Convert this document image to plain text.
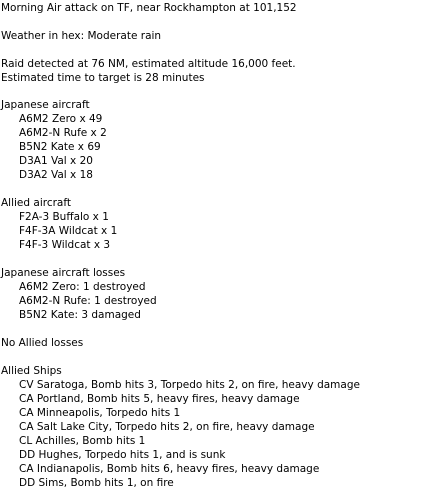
Morning Air attack on TF, near Rockhampton at 101,152
Weather in hex: Moderate rain
Raid detected at 76 NM, estimated altitude 16,000 feet.
Estimated time to target is 28 minutes
Japanese aircraft
A6M2 Zero x 49
A6M2-N Rufe x 2
B5N2 Kate x 69
D3A1 Val x 20
D3A2 Val x 18
Allied aircraft
F2A-3 Buffalo x 1
F4F-3A Wildcat x 1
F4F-3 Wildcat x 3
Japanese aircraft losses
A6M2 Zero: 1 destroyed
A6M2-N Rufe: 1 destroyed
B5N2 Kate: 3 damaged
No Allied losses
Allied Ships
CV Saratoga, Bomb hits 3, Torpedo hits 2, on fire, heavy damage
CA Portland, Bomb hits 5, heavy fires, heavy damage
CA Minneapolis, Torpedo hits 1
CA Salt Lake City, Torpedo hits 2, on fire, heavy damage
CL Achilles, Bomb hits 1
DD Hughes, Torpedo hits 1, and is sunk
CA Indianapolis, Bomb hits 6, heavy fires, heavy damage
DD Sims, Bomb hits 1, on fire
